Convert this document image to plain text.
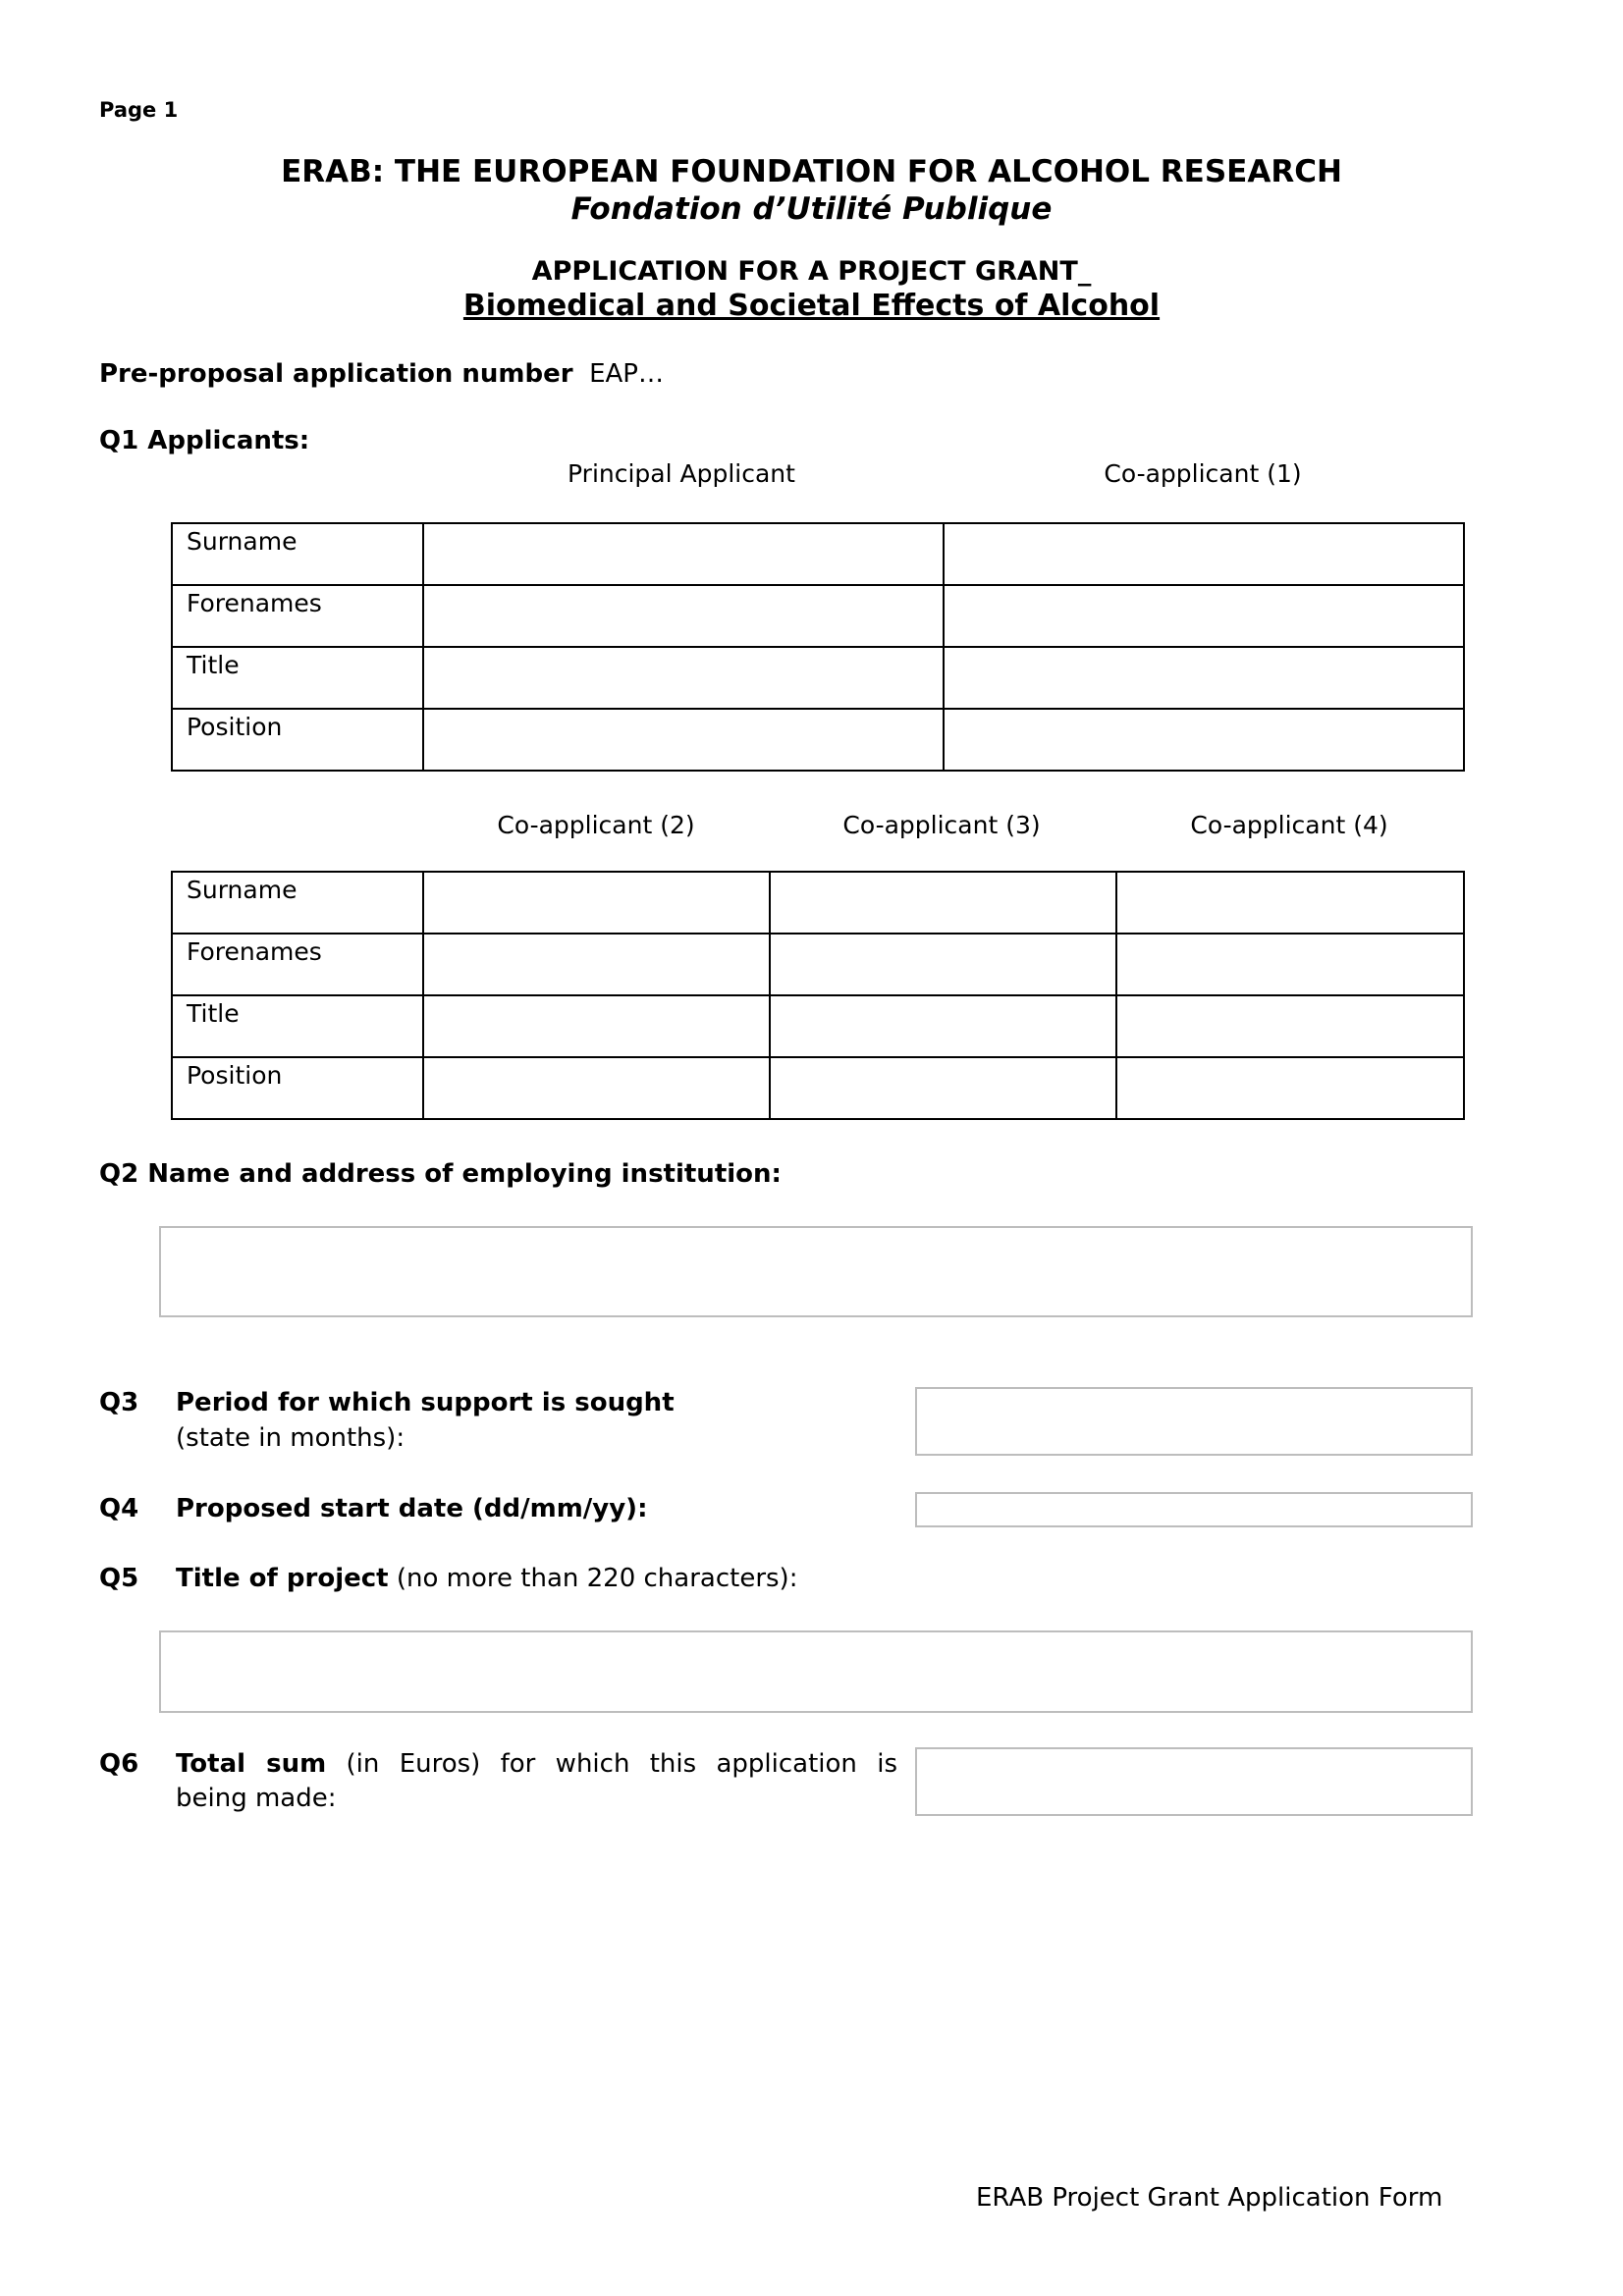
Page 1
ERAB: THE EUROPEAN FOUNDATION FOR ALCOHOL RESEARCH
Fondation d’Utilité Publique
APPLICATION FOR A PROJECT GRANT_
Biomedical and Societal Effects of Alcohol
Pre-proposal application number EAP…
Q1 Applicants:
Principal Applicant	Co-applicant (1)
Surname		
Forenames		
Title		
Position		
Co-applicant (2)	Co-applicant (3)	Co-applicant (4)
Surname			
Forenames			
Title			
Position			
Q2 Name and address of employing institution:
Q3 Period for which support is sought
(state in months):
Q4 Proposed start date (dd/mm/yy):
Q5 Title of project (no more than 220 characters):
Q6 Total sum (in Euros) for which this application is
being made:
ERAB Project Grant Application Form
